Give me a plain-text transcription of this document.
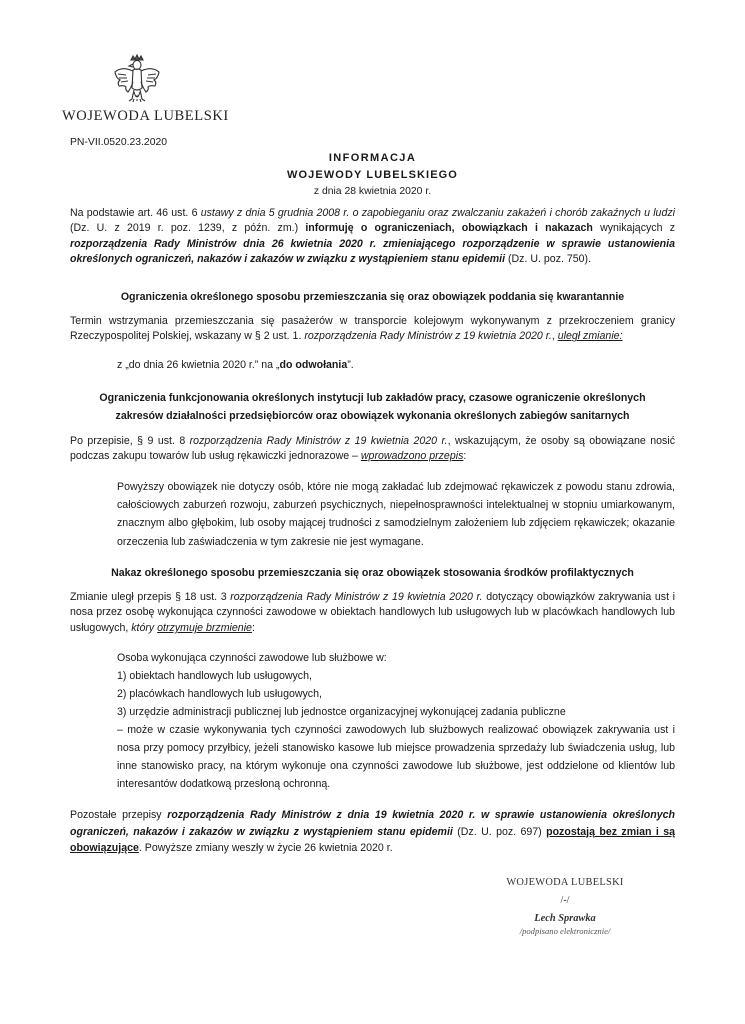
WOJEWODA LUBELSKI
PN-VII.0520.23.2020
INFORMACJA
WOJEWODY LUBELSKIEGO
z dnia 28 kwietnia 2020 r.

Na podstawie art. 46 ust. 6 ustawy z dnia 5 grudnia 2008 r. o zapobieganiu oraz zwalczaniu zakażeń i chorób zakaźnych u ludzi (Dz. U. z 2019 r. poz. 1239, z późn. zm.) informuję o ograniczeniach, obowiązkach i nakazach wynikających z rozporządzenia Rady Ministrów dnia 26 kwietnia 2020 r. zmieniającego rozporządzenie w sprawie ustanowienia określonych ograniczeń, nakazów i zakazów w związku z wystąpieniem stanu epidemii (Dz. U. poz. 750).

Ograniczenia określonego sposobu przemieszczania się oraz obowiązek poddania się kwarantannie

Termin wstrzymania przemieszczania się pasażerów w transporcie kolejowym wykonywanym z przekroczeniem granicy Rzeczypospolitej Polskiej, wskazany w § 2 ust. 1. rozporządzenia Rady Ministrów z 19 kwietnia 2020 r., uległ zmianie:

z „do dnia 26 kwietnia 2020 r.” na „do odwołania”.

Ograniczenia funkcjonowania określonych instytucji lub zakładów pracy, czasowe ograniczenie określonych
zakresów działalności przedsiębiorców oraz obowiązek wykonania określonych zabiegów sanitarnych

Po przepisie, § 9 ust. 8 rozporządzenia Rady Ministrów z 19 kwietnia 2020 r., wskazującym, że osoby są obowiązane nosić podczas zakupu towarów lub usług rękawiczki jednorazowe – wprowadzono przepis:

Powyższy obowiązek nie dotyczy osób, które nie mogą zakładać lub zdejmować rękawiczek z powodu stanu zdrowia, całościowych zaburzeń rozwoju, zaburzeń psychicznych, niepełnosprawności intelektualnej w stopniu umiarkowanym, znacznym albo głębokim, lub osoby mającej trudności z samodzielnym założeniem lub zdjęciem rękawiczek; okazanie orzeczenia lub zaświadczenia w tym zakresie nie jest wymagane.

Nakaz określonego sposobu przemieszczania się oraz obowiązek stosowania środków profilaktycznych

Zmianie uległ przepis § 18 ust. 3 rozporządzenia Rady Ministrów z 19 kwietnia 2020 r. dotyczący obowiązków zakrywania ust i nosa przez osobę wykonująca czynności zawodowe w obiektach handlowych lub usługowych lub w placówkach handlowych lub usługowych, który otrzymuje brzmienie:

Osoba wykonująca czynności zawodowe lub służbowe w:

1) obiektach handlowych lub usługowych,

2) placówkach handlowych lub usługowych,

3) urzędzie administracji publicznej lub jednostce organizacyjnej wykonującej zadania publiczne

– może w czasie wykonywania tych czynności zawodowych lub służbowych realizować obowiązek zakrywania ust i nosa przy pomocy przyłbicy, jeżeli stanowisko kasowe lub miejsce prowadzenia sprzedaży lub świadczenia usług, lub inne stanowisko pracy, na którym wykonuje ona czynności zawodowe lub służbowe, jest oddzielone od klientów lub interesantów dodatkową przesłoną ochronną.

Pozostałe przepisy rozporządzenia Rady Ministrów z dnia 19 kwietnia 2020 r. w sprawie ustanowienia określonych ograniczeń, nakazów i zakazów w związku z wystąpieniem stanu epidemii (Dz. U. poz. 697) pozostają bez zmian i są obowiązujące. Powyższe zmiany weszły w życie 26 kwietnia 2020 r.

WOJEWODA LUBELSKI
/-/
Lech Sprawka
/podpisano elektronicznie/
